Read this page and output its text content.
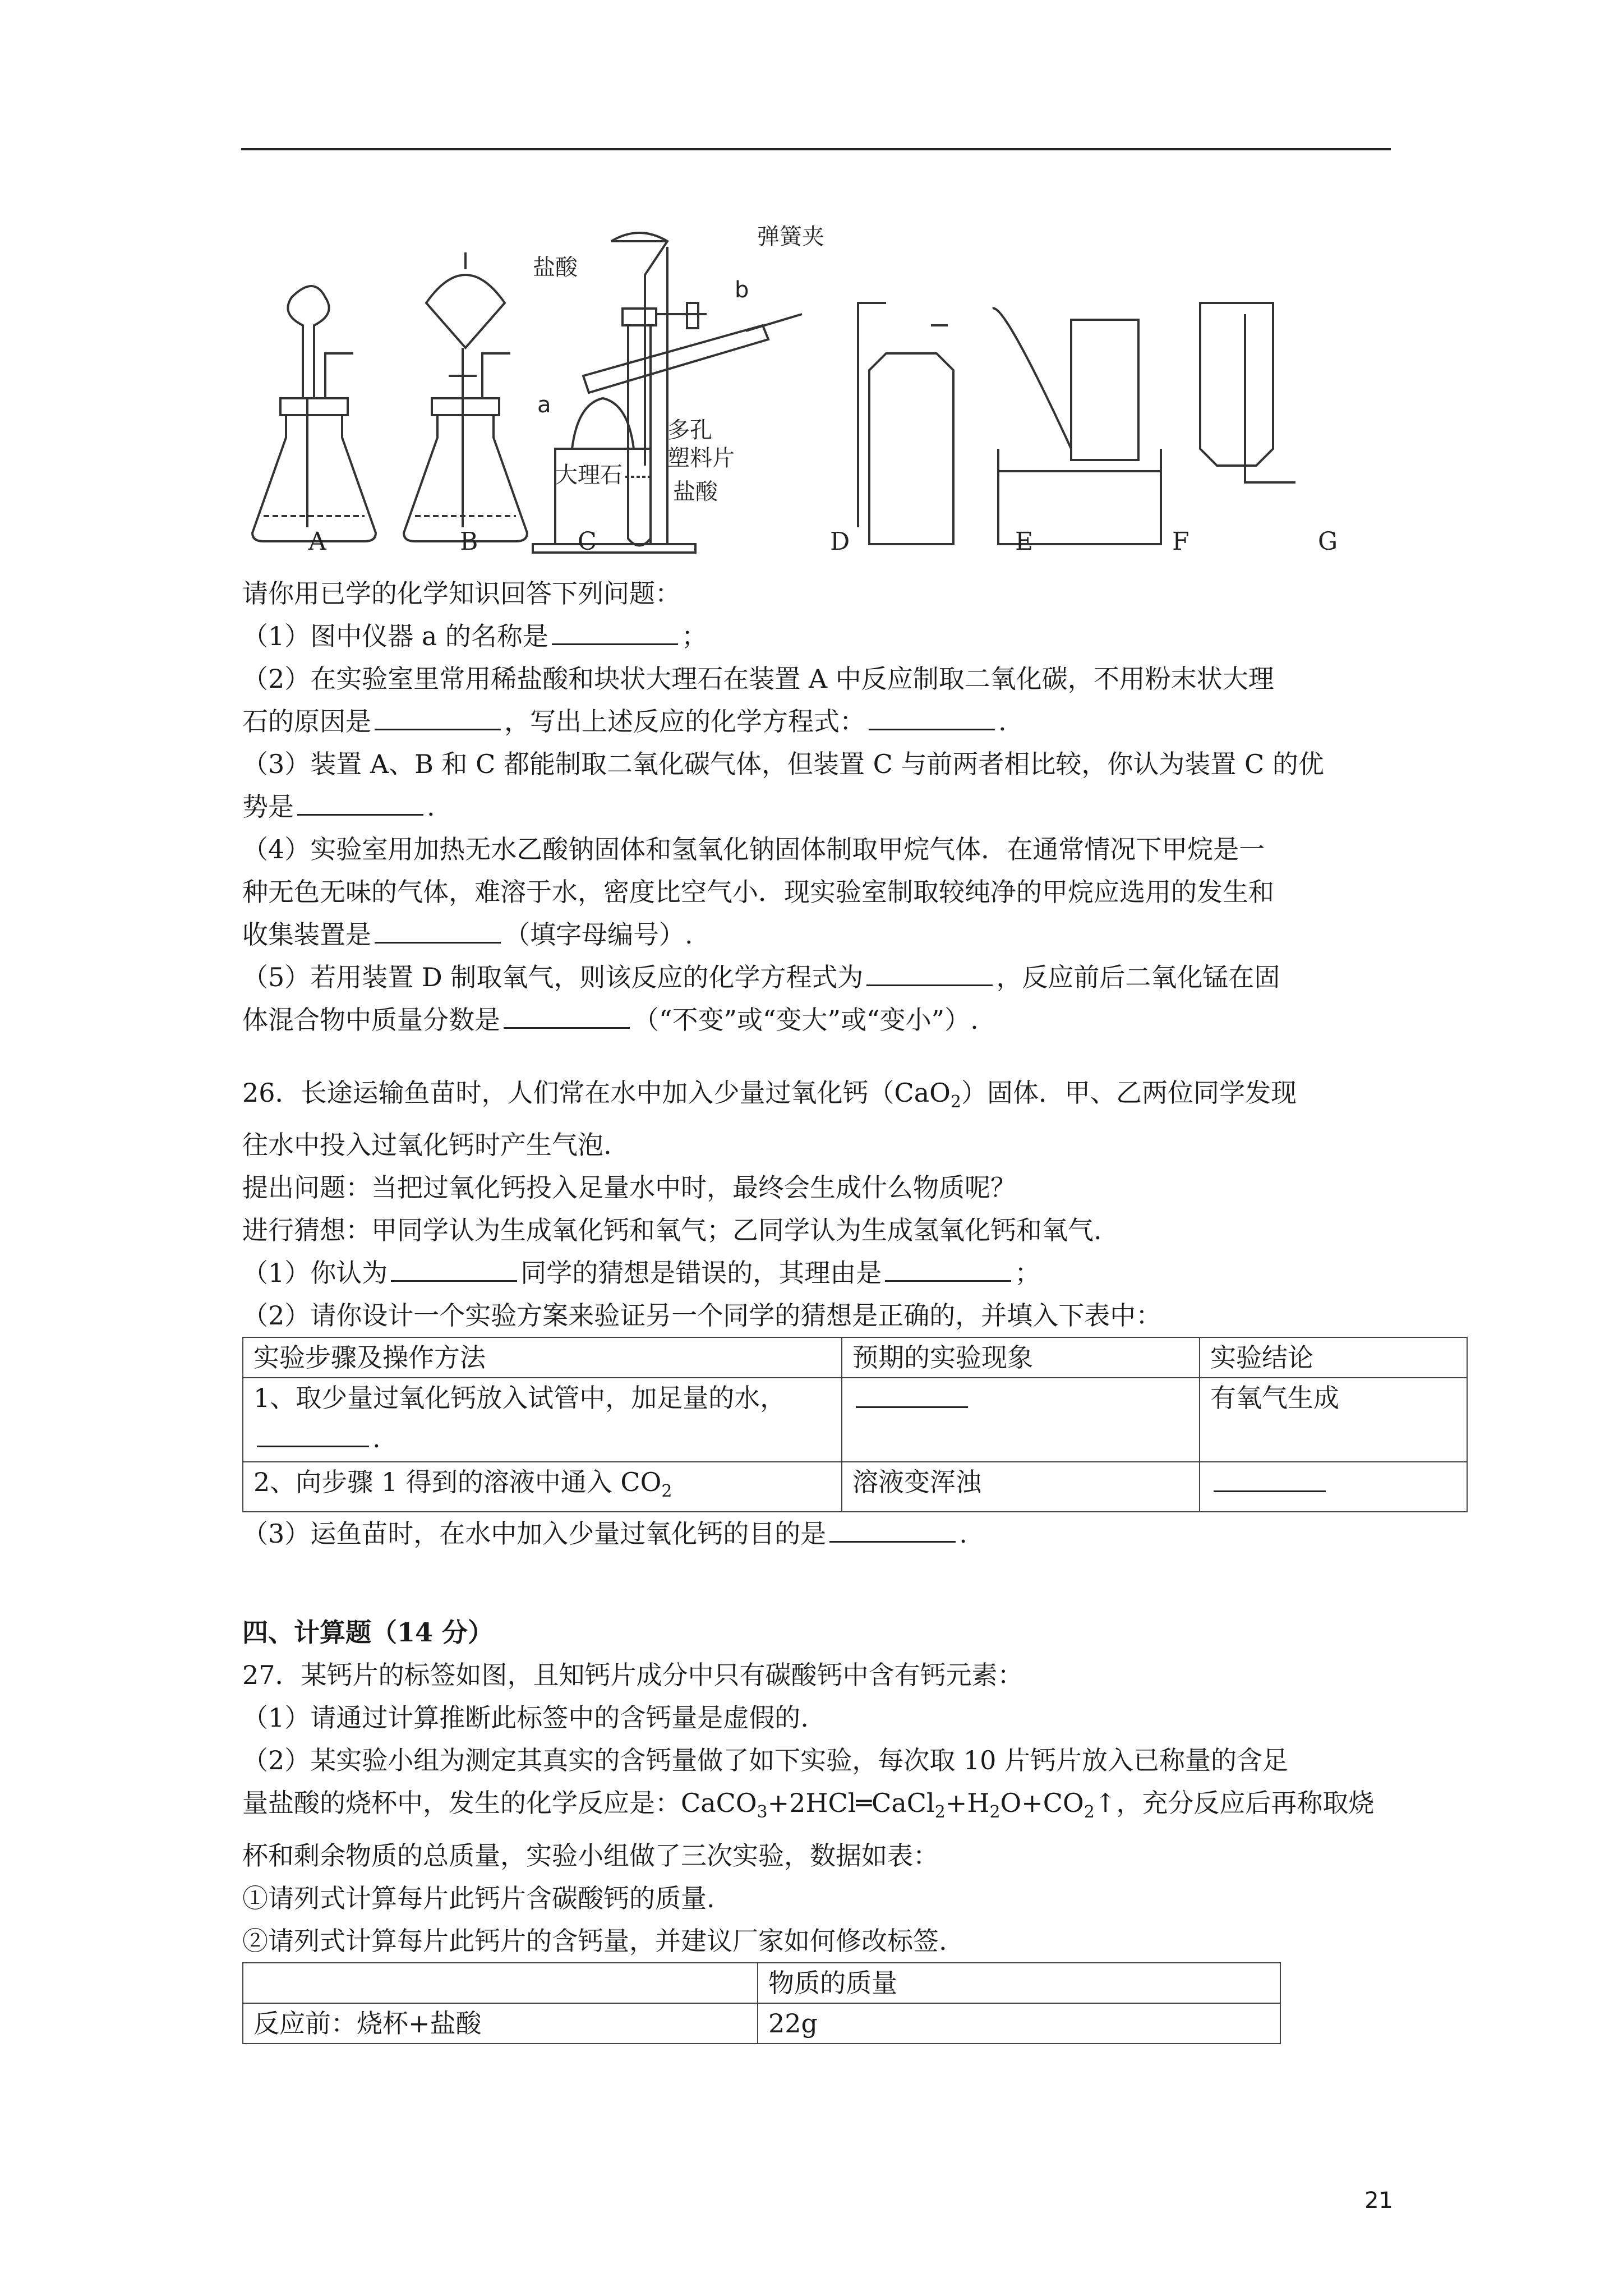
弹簧夹
盐酸
大理石
多孔
塑料片
盐酸
b
A	B	C	D	E	F	G
a

请你用已学的化学知识回答下列问题：

（1）图中仪器 a 的名称是	；

（2）在实验室里常用稀盐酸和块状大理石在装置 A 中反应制取二氧化碳，不用粉末状大理

石的原因是	，写出上述反应的化学方程式：	.

（3）装置 A、B 和 C 都能制取二氧化碳气体，但装置 C 与前两者相比较，你认为装置 C 的优

势是	.

（4）实验室用加热无水乙酸钠固体和氢氧化钠固体制取甲烷气体．在通常情况下甲烷是一

种无色无味的气体，难溶于水，密度比空气小．现实验室制取较纯净的甲烷应选用的发生和

收集装置是	（填字母编号）.

（5）若用装置 D 制取氧气，则该反应的化学方程式为	，反应前后二氧化锰在固

体混合物中质量分数是	（“不变”或“变大”或“变小”）.

26．长途运输鱼苗时，人们常在水中加入少量过氧化钙（CaO$_2$）固体．甲、乙两位同学发现

往水中投入过氧化钙时产生气泡.

提出问题：当把过氧化钙投入足量水中时，最终会生成什么物质呢？

进行猜想：甲同学认为生成氧化钙和氧气；乙同学认为生成氢氧化钙和氧气.

（1）你认为	同学的猜想是错误的，其理由是	；

（2）请你设计一个实验方案来验证另一个同学的猜想是正确的，并填入下表中：

实验步骤及操作方法	预期的实验现象	实验结论
1、取少量过氧化钙放入试管中，加足量的水，
.		有氧气生成
2、向步骤 1 得到的溶液中通入 $CO_2$	溶液变浑浊	

（3）运鱼苗时，在水中加入少量过氧化钙的目的是	.

四、计算题（14 分）

27．某钙片的标签如图，且知钙片成分中只有碳酸钙中含有钙元素：

（1）请通过计算推断此标签中的含钙量是虚假的.

（2）某实验小组为测定其真实的含钙量做了如下实验，每次取 10 片钙片放入已称量的含足

量盐酸的烧杯中，发生的化学反应是：$CaCO_3+2HCl═CaCl_2+H_2O+CO_2↑$，充分反应后再称取烧

杯和剩余物质的总质量，实验小组做了三次实验，数据如表：

①请列式计算每片此钙片含碳酸钙的质量.

②请列式计算每片此钙片的含钙量，并建议厂家如何修改标签.

	物质的质量
反应前：烧杯+盐酸	22g
21
